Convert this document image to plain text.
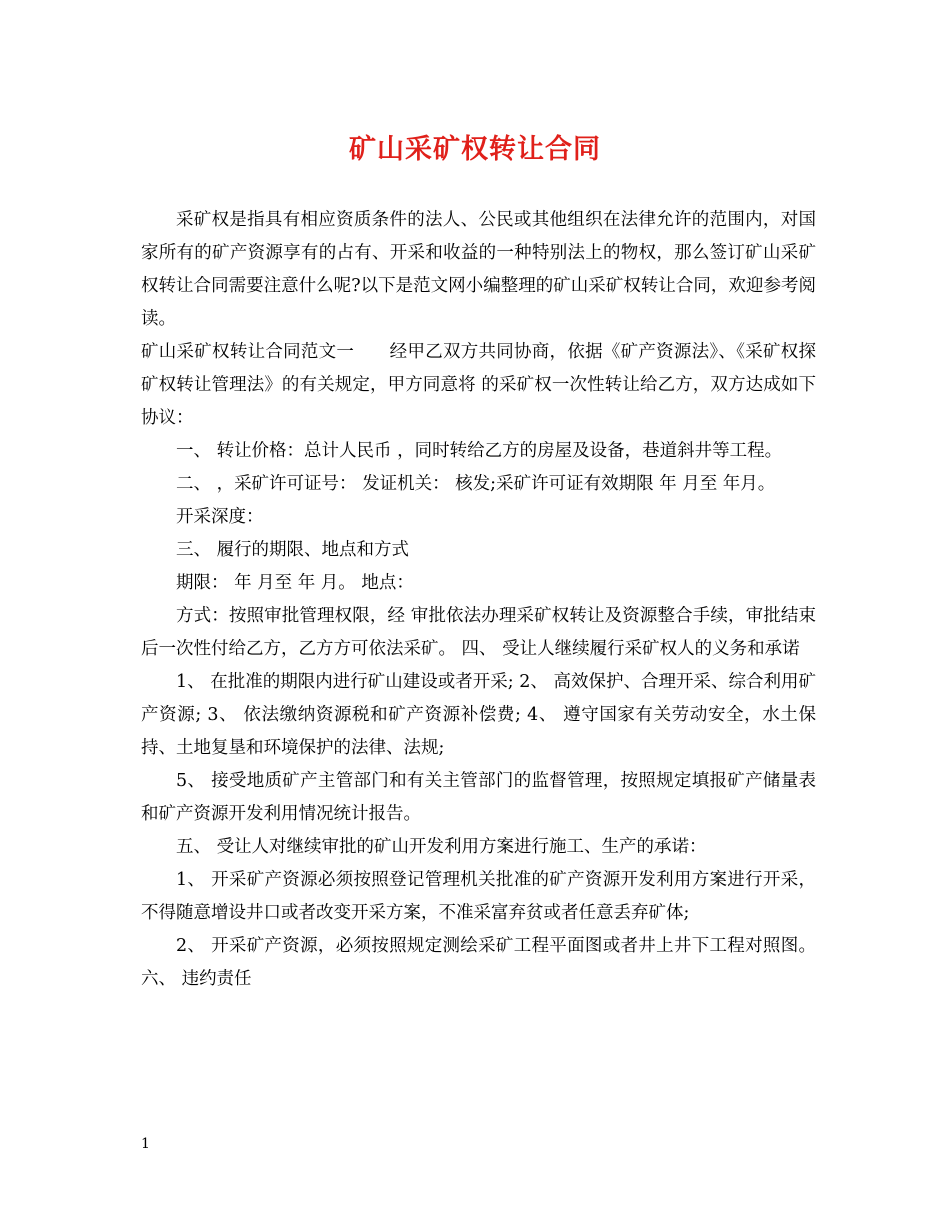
矿山采矿权转让合同

采矿权是指具有相应资质条件的法人、公民或其他组织在法律允许的范围内，对国家所有的矿产资源享有的占有、开采和收益的一种特别法上的物权，那么签订矿山采矿权转让合同需要注意什么呢?以下是范文网小编整理的矿山采矿权转让合同，欢迎参考阅读。

矿山采矿权转让合同范文一　　经甲乙双方共同协商，依据《矿产资源法》、《采矿权探矿权转让管理法》的有关规定，甲方同意将 的采矿权一次性转让给乙方，双方达成如下协议：

一、 转让价格：总计人民币 ，同时转给乙方的房屋及设备，巷道斜井等工程。

二、 ，采矿许可证号： 发证机关： 核发;采矿许可证有效期限 年 月至 年月。

开采深度：

三、 履行的期限、地点和方式

期限： 年 月至 年 月。 地点：

方式：按照审批管理权限，经 审批依法办理采矿权转让及资源整合手续，审批结束后一次性付给乙方，乙方方可依法采矿。 四、 受让人继续履行采矿权人的义务和承诺

1、 在批准的期限内进行矿山建设或者开采; 2、 高效保护、合理开采、综合利用矿产资源; 3、 依法缴纳资源税和矿产资源补偿费; 4、 遵守国家有关劳动安全，水土保持、土地复垦和环境保护的法律、法规;

5、 接受地质矿产主管部门和有关主管部门的监督管理，按照规定填报矿产储量表和矿产资源开发利用情况统计报告。

五、 受让人对继续审批的矿山开发利用方案进行施工、生产的承诺：

1、 开采矿产资源必须按照登记管理机关批准的矿产资源开发利用方案进行开采，不得随意增设井口或者改变开采方案，不准采富弃贫或者任意丢弃矿体;

2、 开采矿产资源，必须按照规定测绘采矿工程平面图或者井上井下工程对照图。 六、 违约责任

1
